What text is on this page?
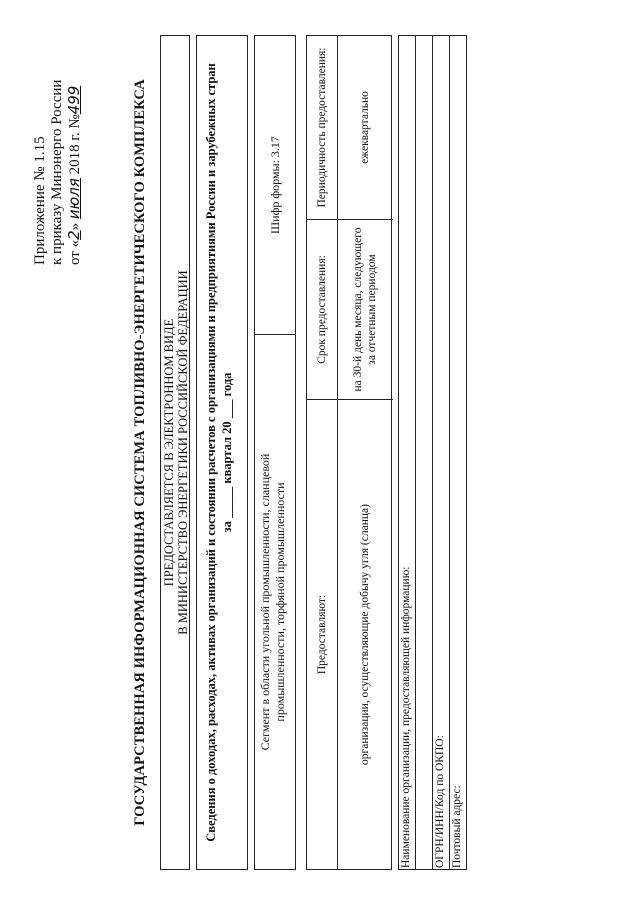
Приложение № 1.15 к приказу Минэнерго России от «2» июля 2018 г. №499	ГОСУДАРСТВЕННАЯ ИНФОРМАЦИОННАЯ СИСТЕМА ТОПЛИВНО-ЭНЕРГЕТИЧЕСКОГО КОМПЛЕКСА ПРЕДОСТАВЛЯЕТСЯ В ЭЛЕКТРОННОМ ВИДЕ В МИНИСТЕРСТВО ЭНЕРГЕТИКИ РОССИЙСКОЙ ФЕДЕРАЦИИ Сведения о доходах, расходах, активах организаций и состоянии расчетов с организациями и предприятиями России и зарубежных стран за _____ квартал 20 ___ года
Сегмент в области угольной промышленности, сланцевой промышленности, торфяной промышленности
Шифр формы: 3.17
Предоставляют:
Срок предоставления:
Периодичность предоставления:
организации, осуществляющие добычу угля (сланца)
на 30-й день месяца, следующего за отчетным периодом
ежеквартально
Наименование организации, предоставляющей информацию:	ОГРН/ИНН/Код по ОКПО: Почтовый адрес:
